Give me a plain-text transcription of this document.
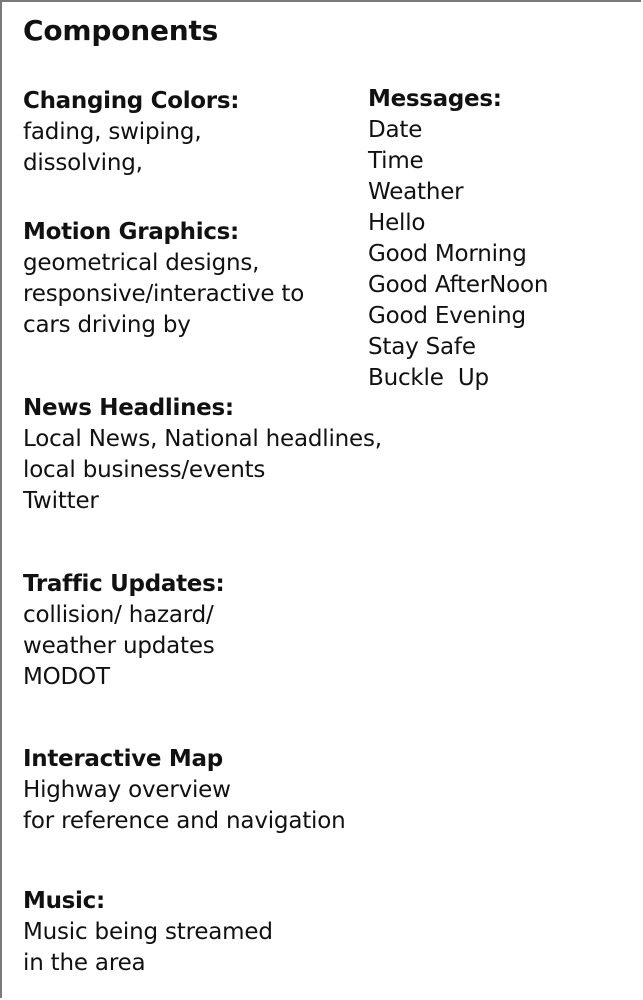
Components
Changing Colors:
fading, swiping,
dissolving,
Motion Graphics:
geometrical designs,
responsive/interactive to
cars driving by
Messages:
Date
Time
Weather
Hello
Good Morning
Good AfterNoon
Good Evening
Stay Safe
Buckle  Up
News Headlines:
Local News, National headlines,
local business/events
Twitter
Traffic Updates:
collision/ hazard/
weather updates
MODOT
Interactive Map
Highway overview
for reference and navigation
Music:
Music being streamed
in the area
